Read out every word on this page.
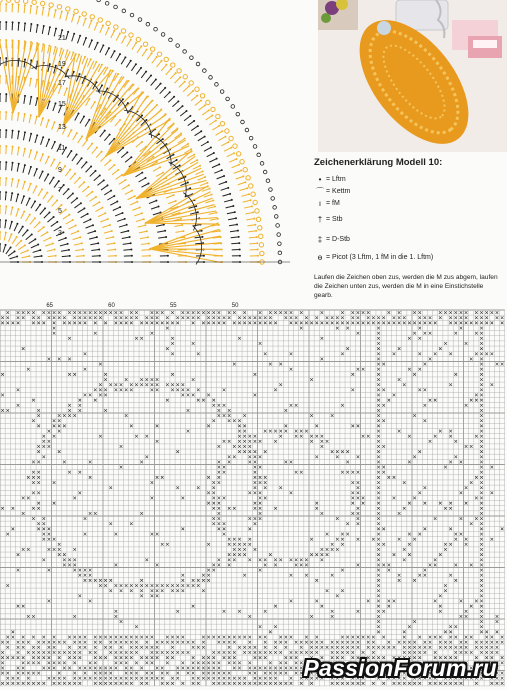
21
19
17
15
13
11
9
7
5
3
Zeichenerklärung Modell 10:
• = Lftm
⌒ = Kettm
ı = fM
† = Stb
‡ = D-Stb
ɵ = Picot (3 Lftm, 1 fM in die 1. Lftm)
Laufen die Zeichen oben zus, werden die M zus abgem, laufen die Zeichen unten zus, werden die M in eine Einstichstelle gearb.
65	60	55	50
PassionForum.ru
